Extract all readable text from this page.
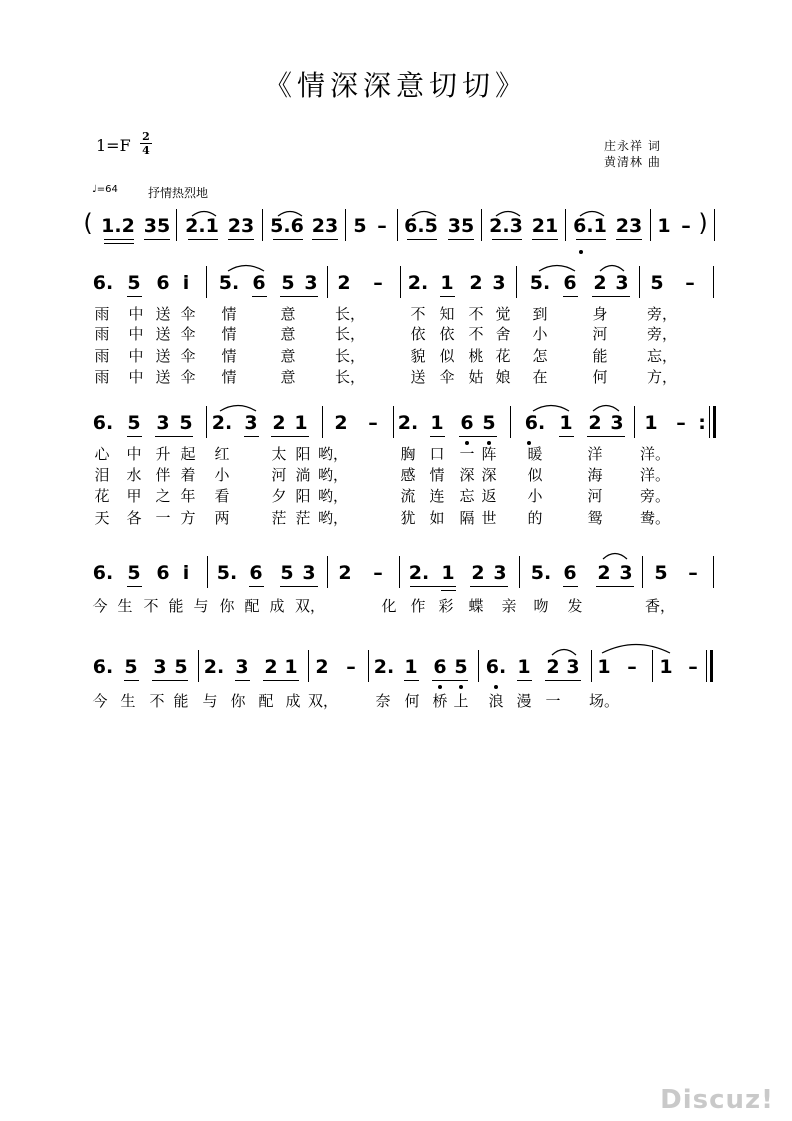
《情深深意切切》
1=F 2
4	庄永祥 词
黄清林 曲
♩=64	抒情热烈地
( 1.2 35 2.1 23 5.6 23 5 – 6.5 35 2.3 21 6.1 23 1 – )
6. 5 6 i 5. 6 5 3 2 – 2. 1 2 3 5. 6 2 3 5 –
雨 中 送 伞 情	意	长，	不 知 不 觉 到	身	旁，
雨 中 送 伞 情	意	长，	依 依 不 舍 小	河	旁，
雨 中 送 伞 情	意	长，	貌 似 桃 花 怎	能	忘，
雨 中 送 伞 情	意	长，	送 伞 姑 娘 在	何	方，
6. 5 3 5 2. 3 2 1 2 – 2. 1 6 5 6. 1 2 3 1 – :
心 中 升 起 红	太 阳 哟，	胸 口 一 阵 暖	洋 洋。
泪 水 伴 着 小	河 淌 哟，	感 情 深 深 似	海 洋。
花 甲 之 年 看	夕 阳 哟，	流 连 忘 返 小	河 旁。
天 各 一 方 两	茫 茫 哟，	犹 如 隔 世 的	鸳 鸯。
6. 5 6 i 5. 6 5 3 2 – 2. 1 2 3 5. 6 2 3 5 –
今 生 不 能 与 你 配 成 双，	化 作 彩 蝶 亲 吻 发	香，
6. 5 3 5 2. 3 2 1 2 – 2. 1 6 5 6. 1 2 3 1 – 1 –
今 生 不 能 与 你 配 成 双， 奈 何 桥 上 浪 漫 一 场。
Discuz!
